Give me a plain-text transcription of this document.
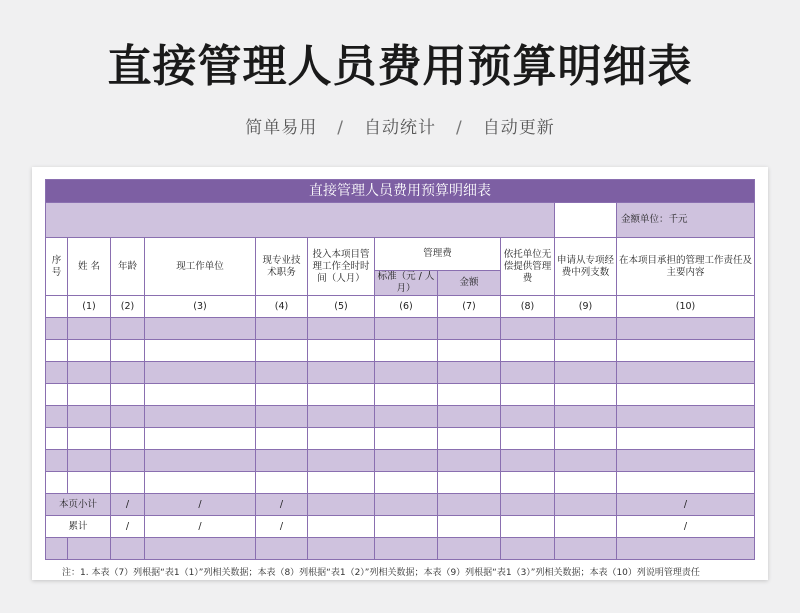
直接管理人员费用预算明细表
简单易用 / 自动统计 / 自动更新
直接管理人员费用预算明细表										
										金额单位：千元
序号	姓 名	年龄	现工作单位	现专业技术职务	投入本项目管理工作全时时间（人月）	管理费		依托单位无偿提供管理费	申请从专项经费中列支数	在本项目承担的管理工作责任及主要内容
						标准（元 / 人月）	金额			
	(1)	(2)	(3)	(4)	(5)	(6)	(7)	(8)	(9)	(10)

本页小计		/	/	/						/
累计		/	/	/						/

注：1. 本表（7）列根据“表1（1）”列相关数据；本表（8）列根据“表1（2）”列相关数据；本表（9）列根据“表1（3）”列相关数据；本表（10）列说明管理责任
